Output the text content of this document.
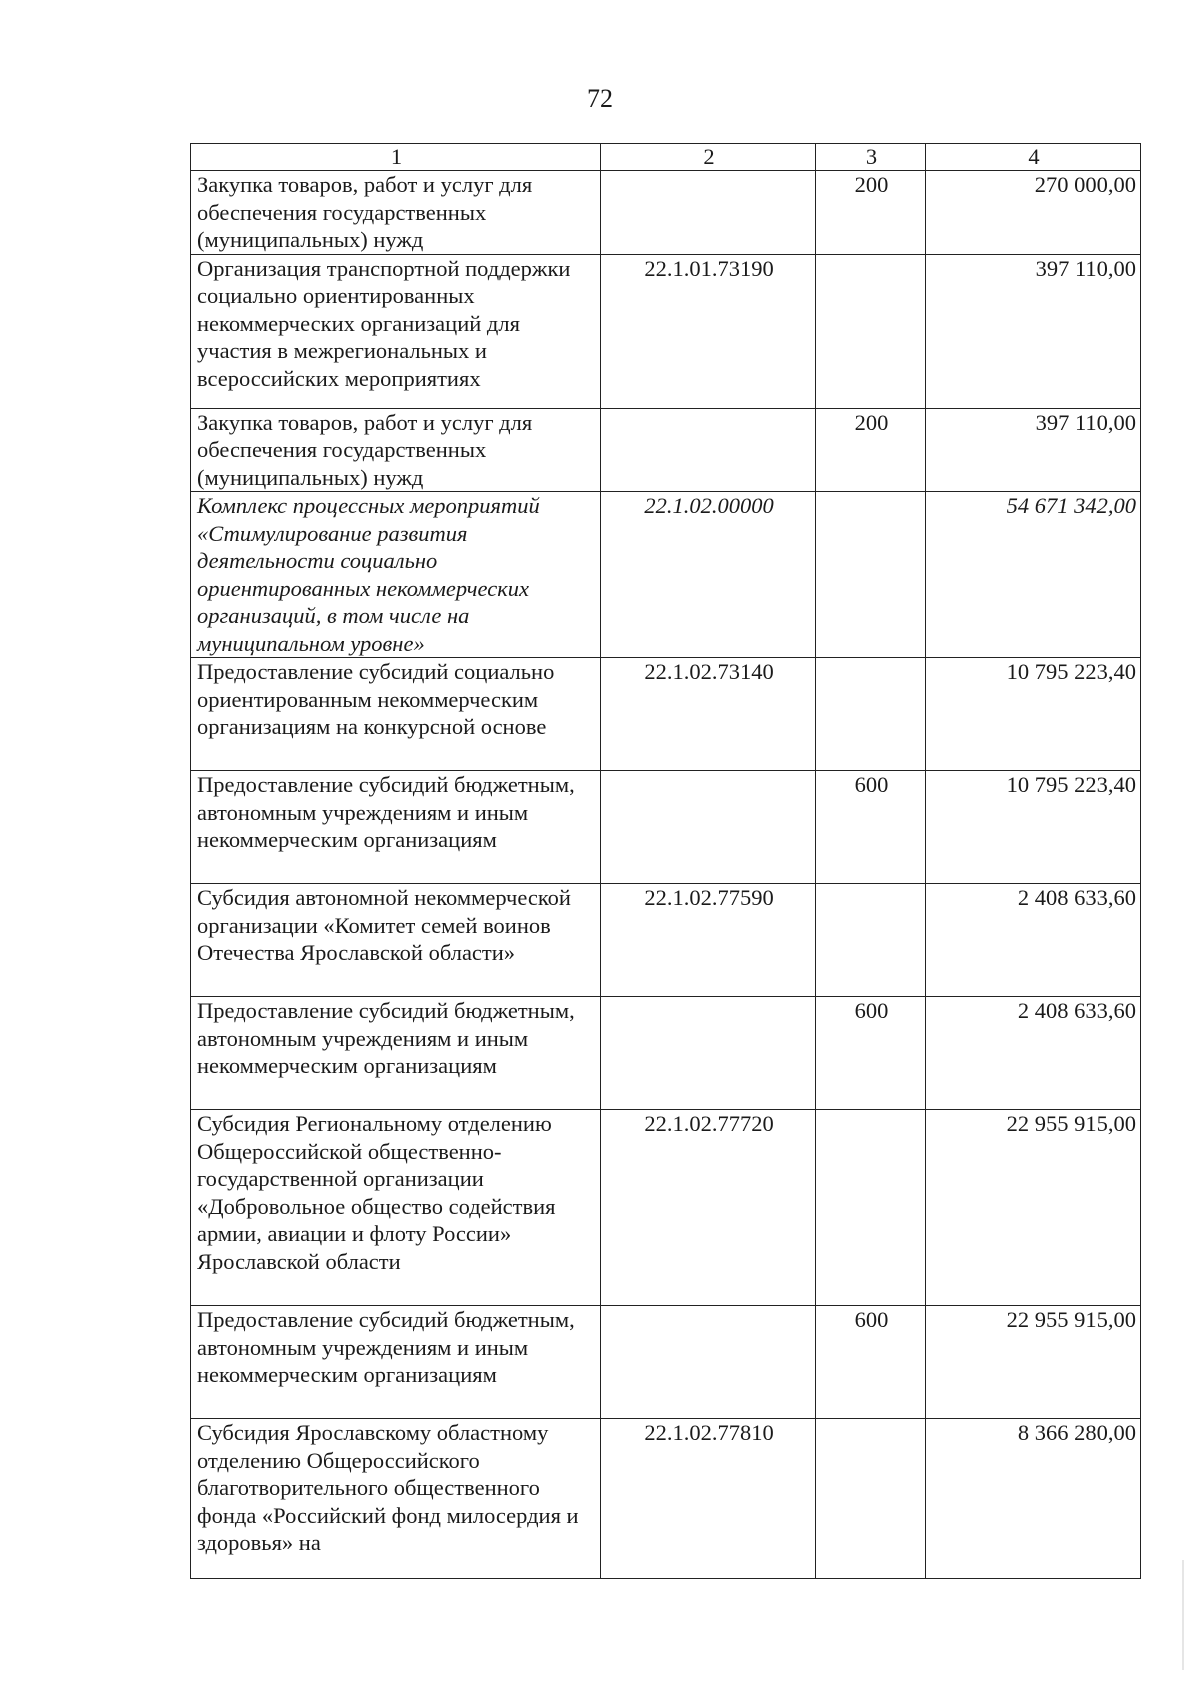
72
1	2	3	4
Закупка товаров, работ и услуг для обеспечения государственных (муниципальных) нужд		200	270 000,00
Организация транспортной поддержки социально ориентированных некоммерческих организаций для участия в межрегиональных и всероссийских мероприятиях	22.1.01.73190		397 110,00
Закупка товаров, работ и услуг для обеспечения государственных (муниципальных) нужд		200	397 110,00
Комплекс процессных мероприятий «Стимулирование развития деятельности социально ориентированных некоммерческих организаций, в том числе на муниципальном уровне»	22.1.02.00000		54 671 342,00
Предоставление субсидий социально ориентированным некоммерческим организациям на конкурсной основе	22.1.02.73140		10 795 223,40
Предоставление субсидий бюджетным, автономным учреждениям и иным некоммерческим организациям		600	10 795 223,40
Субсидия автономной некоммерческой организации «Комитет семей воинов Отечества Ярославской области»	22.1.02.77590		2 408 633,60
Предоставление субсидий бюджетным, автономным учреждениям и иным некоммерческим организациям		600	2 408 633,60
Субсидия Региональному отделению Общероссийской общественно-государственной организации «Добровольное общество содействия армии, авиации и флоту России» Ярославской области	22.1.02.77720		22 955 915,00
Предоставление субсидий бюджетным, автономным учреждениям и иным некоммерческим организациям		600	22 955 915,00
Субсидия Ярославскому областному отделению Общероссийского благотворительного общественного фонда «Российский фонд милосердия и здоровья» на	22.1.02.77810		8 366 280,00
